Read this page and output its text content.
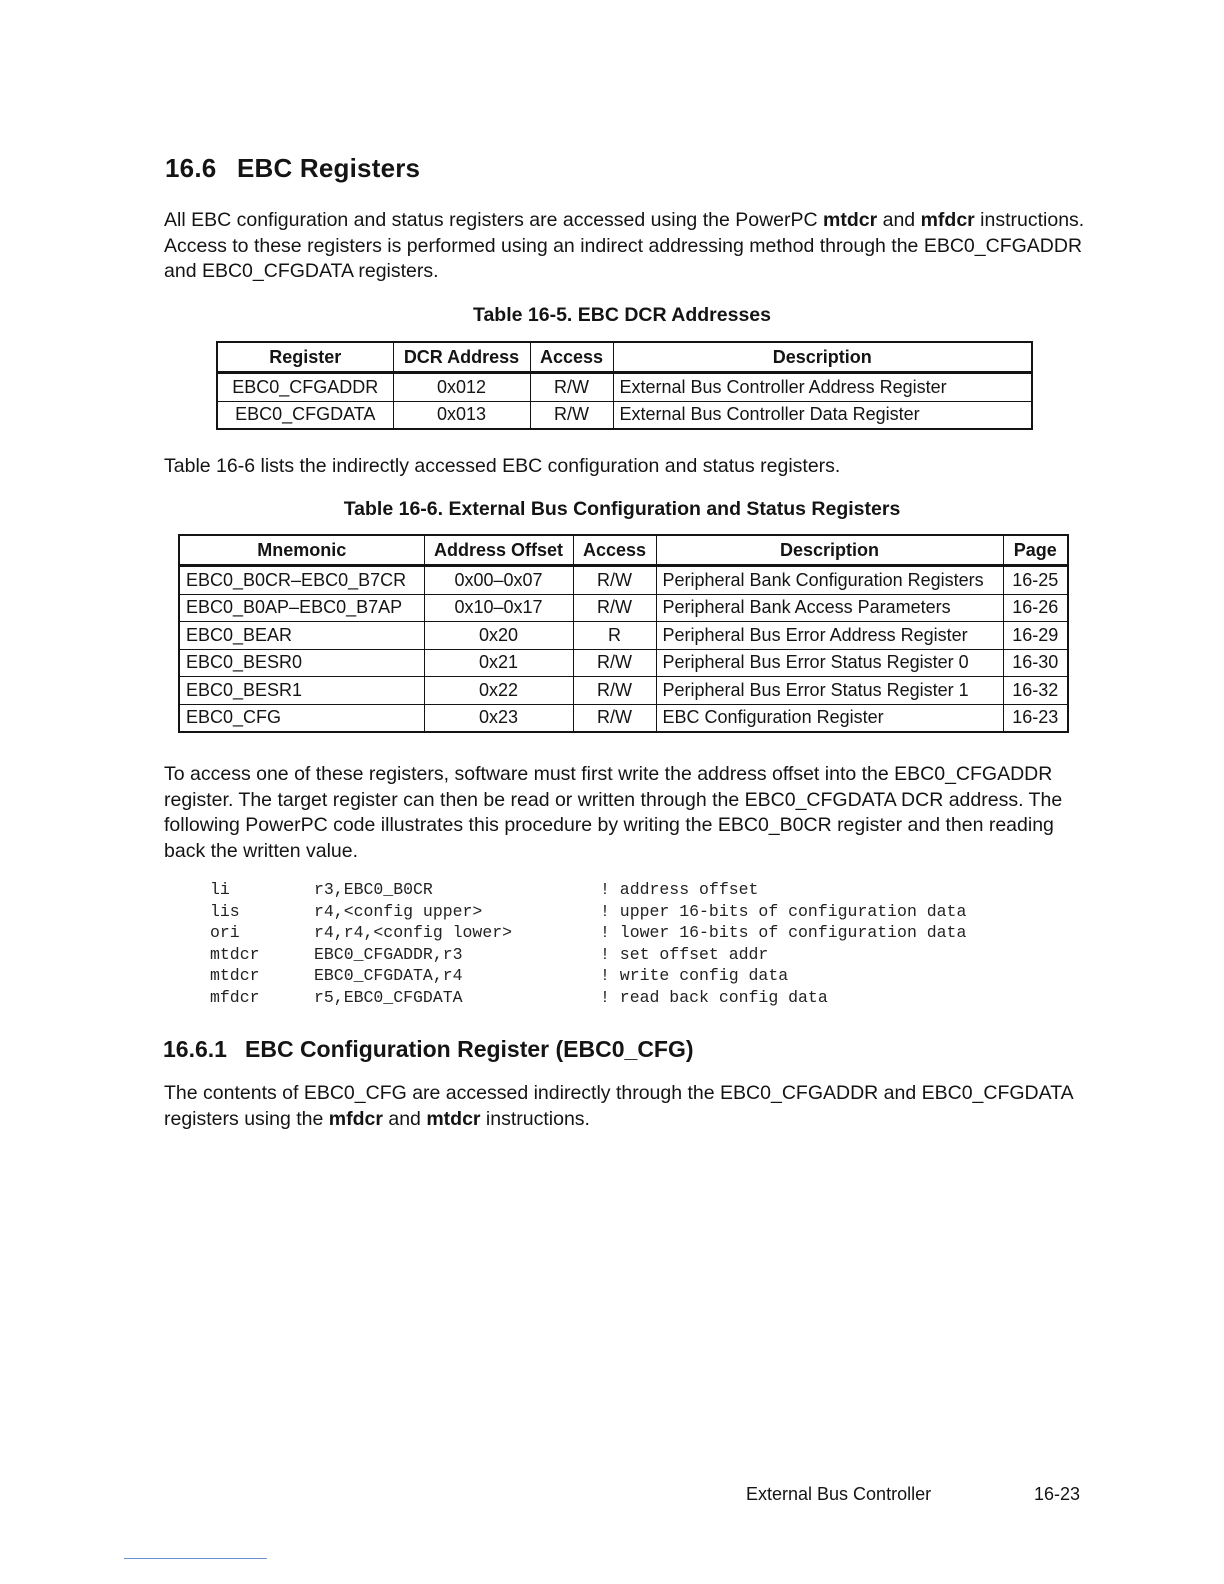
16.6 EBC Registers

All EBC configuration and status registers are accessed using the PowerPC mtdcr and mfdcr instructions. Access to these registers is performed using an indirect addressing method through the EBC0_CFGADDR and EBC0_CFGDATA registers.

Table 16-5. EBC DCR Addresses

Register	DCR Address	Access	Description
EBC0_CFGADDR	0x012	R/W	External Bus Controller Address Register
EBC0_CFGDATA	0x013	R/W	External Bus Controller Data Register

Table 16-6 lists the indirectly accessed EBC configuration and status registers.

Table 16-6. External Bus Configuration and Status Registers

Mnemonic	Address Offset	Access	Description	Page
EBC0_B0CR–EBC0_B7CR	0x00–0x07	R/W	Peripheral Bank Configuration Registers	16-25
EBC0_B0AP–EBC0_B7AP	0x10–0x17	R/W	Peripheral Bank Access Parameters	16-26
EBC0_BEAR	0x20	R	Peripheral Bus Error Address Register	16-29
EBC0_BESR0	0x21	R/W	Peripheral Bus Error Status Register 0	16-30
EBC0_BESR1	0x22	R/W	Peripheral Bus Error Status Register 1	16-32
EBC0_CFG	0x23	R/W	EBC Configuration Register	16-23

To access one of these registers, software must first write the address offset into the EBC0_CFGADDR register. The target register can then be read or written through the EBC0_CFGDATA DCR address. The following PowerPC code illustrates this procedure by writing the EBC0_B0CR register and then reading back the written value.

li	r3,EBC0_B0CR	! address offset
lis	r4,<config upper>	! upper 16-bits of configuration data
ori	r4,r4,<config lower>	! lower 16-bits of configuration data
mtdcr	EBC0_CFGADDR,r3	! set offset addr
mtdcr	EBC0_CFGDATA,r4	! write config data
mfdcr	r5,EBC0_CFGDATA	! read back config data
16.6.1 EBC Configuration Register (EBC0_CFG)

The contents of EBC0_CFG are accessed indirectly through the EBC0_CFGADDR and EBC0_CFGDATA registers using the mfdcr and mtdcr instructions.

External Bus Controller	16-23
